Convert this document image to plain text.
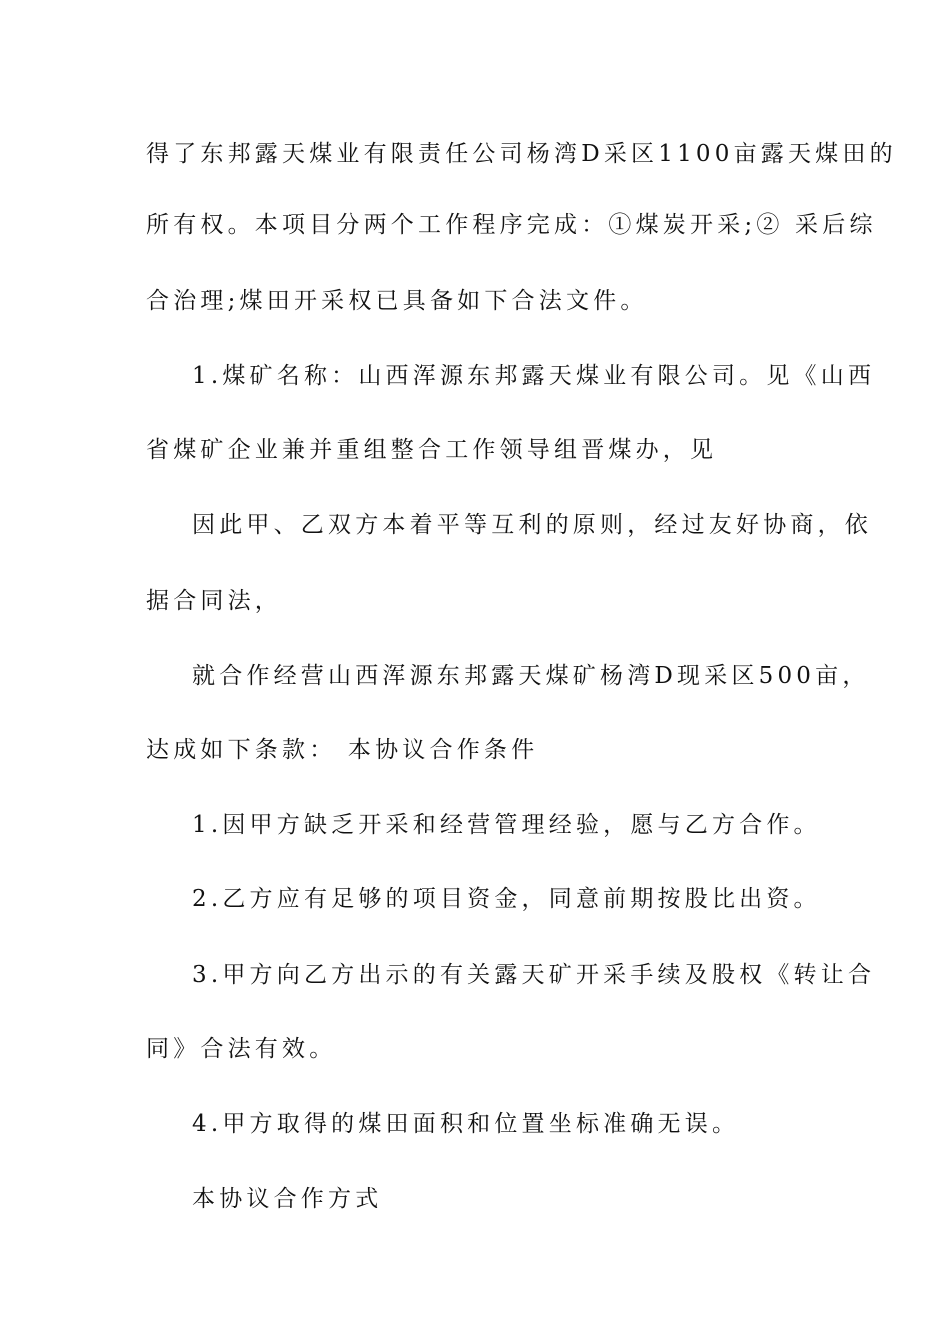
得了东邦露天煤业有限责任公司杨湾D采区1100亩露天煤田的
所有权。本项目分两个工作程序完成：①煤炭开采;② 采后综
合治理;煤田开采权已具备如下合法文件。
1.煤矿名称：山西浑源东邦露天煤业有限公司。见《山西
省煤矿企业兼并重组整合工作领导组晋煤办，见
因此甲、乙双方本着平等互利的原则，经过友好协商，依
据合同法，
就合作经营山西浑源东邦露天煤矿杨湾D现采区500亩，
达成如下条款： 本协议合作条件
1.因甲方缺乏开采和经营管理经验，愿与乙方合作。
2.乙方应有足够的项目资金，同意前期按股比出资。
3.甲方向乙方出示的有关露天矿开采手续及股权《转让合
同》合法有效。
4.甲方取得的煤田面积和位置坐标准确无误。
本协议合作方式
